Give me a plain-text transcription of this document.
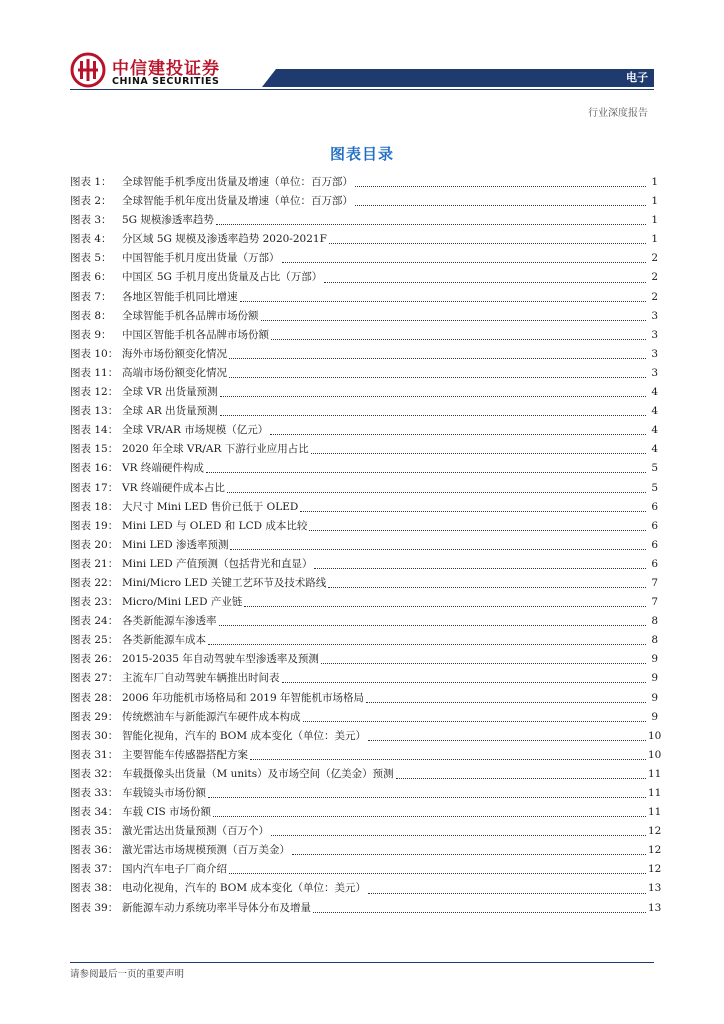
中信建投证券
CHINA SECURITIES	电子
行业深度报告
图表目录
图表 1： 全球智能手机季度出货量及增速（单位：百万部）	1
图表 2： 全球智能手机年度出货量及增速（单位：百万部）	1
图表 3： 5G 规模渗透率趋势	1
图表 4： 分区域 5G 规模及渗透率趋势 2020-2021F	1
图表 5： 中国智能手机月度出货量（万部）	2
图表 6： 中国区 5G 手机月度出货量及占比（万部）	2
图表 7： 各地区智能手机同比增速	2
图表 8： 全球智能手机各品牌市场份额	3
图表 9： 中国区智能手机各品牌市场份额	3
图表 10： 海外市场份额变化情况	3
图表 11： 高端市场份额变化情况	3
图表 12： 全球 VR 出货量预测	4
图表 13： 全球 AR 出货量预测	4
图表 14： 全球 VR/AR 市场规模（亿元）	4
图表 15： 2020 年全球 VR/AR 下游行业应用占比	4
图表 16： VR 终端硬件构成	5
图表 17： VR 终端硬件成本占比	5
图表 18： 大尺寸 Mini LED 售价已低于 OLED	6
图表 19： Mini LED 与 OLED 和 LCD 成本比较	6
图表 20： Mini LED 渗透率预测	6
图表 21： Mini LED 产值预测（包括背光和直显）	6
图表 22： Mini/Micro LED 关键工艺环节及技术路线	7
图表 23： Micro/Mini LED 产业链	7
图表 24： 各类新能源车渗透率	8
图表 25： 各类新能源车成本	8
图表 26： 2015-2035 年自动驾驶车型渗透率及预测	9
图表 27： 主流车厂自动驾驶车辆推出时间表	9
图表 28： 2006 年功能机市场格局和 2019 年智能机市场格局	9
图表 29： 传统燃油车与新能源汽车硬件成本构成	9
图表 30： 智能化视角，汽车的 BOM 成本变化（单位：美元）	10
图表 31： 主要智能车传感器搭配方案	10
图表 32： 车载摄像头出货量（M units）及市场空间（亿美金）预测	11
图表 33： 车载镜头市场份额	11
图表 34： 车载 CIS 市场份额	11
图表 35： 激光雷达出货量预测（百万个）	12
图表 36： 激光雷达市场规模预测（百万美金）	12
图表 37： 国内汽车电子厂商介绍	12
图表 38： 电动化视角，汽车的 BOM 成本变化（单位：美元）	13
图表 39： 新能源车动力系统功率半导体分布及增量	13
请参阅最后一页的重要声明
